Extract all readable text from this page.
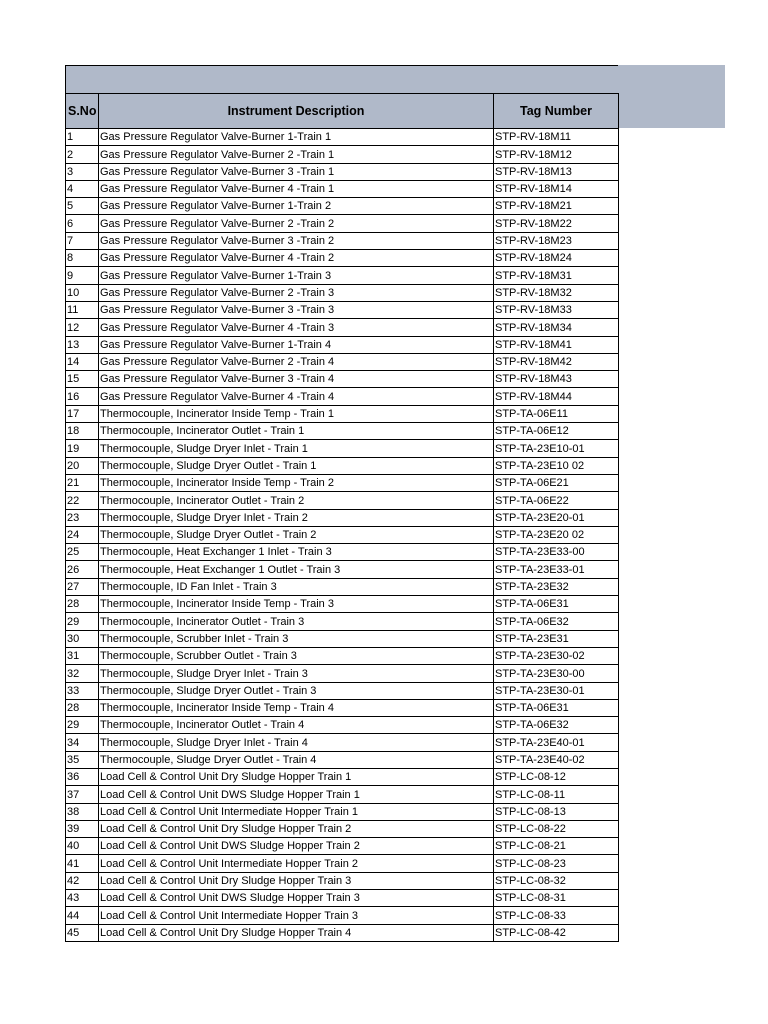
S.No	Instrument Description	Tag Number
1	Gas Pressure Regulator Valve-Burner 1-Train 1	STP-RV-18M11
2	Gas Pressure Regulator Valve-Burner 2 -Train 1	STP-RV-18M12
3	Gas Pressure Regulator Valve-Burner 3 -Train 1	STP-RV-18M13
4	Gas Pressure Regulator Valve-Burner 4 -Train 1	STP-RV-18M14
5	Gas Pressure Regulator Valve-Burner 1-Train 2	STP-RV-18M21
6	Gas Pressure Regulator Valve-Burner 2 -Train 2	STP-RV-18M22
7	Gas Pressure Regulator Valve-Burner 3 -Train 2	STP-RV-18M23
8	Gas Pressure Regulator Valve-Burner 4 -Train 2	STP-RV-18M24
9	Gas Pressure Regulator Valve-Burner 1-Train 3	STP-RV-18M31
10	Gas Pressure Regulator Valve-Burner 2 -Train 3	STP-RV-18M32
11	Gas Pressure Regulator Valve-Burner 3 -Train 3	STP-RV-18M33
12	Gas Pressure Regulator Valve-Burner 4 -Train 3	STP-RV-18M34
13	Gas Pressure Regulator Valve-Burner 1-Train 4	STP-RV-18M41
14	Gas Pressure Regulator Valve-Burner 2 -Train 4	STP-RV-18M42
15	Gas Pressure Regulator Valve-Burner 3 -Train 4	STP-RV-18M43
16	Gas Pressure Regulator Valve-Burner 4 -Train 4	STP-RV-18M44
17	Thermocouple, Incinerator Inside Temp - Train 1	STP-TA-06E11
18	Thermocouple, Incinerator Outlet - Train 1	STP-TA-06E12
19	Thermocouple, Sludge Dryer Inlet - Train 1	STP-TA-23E10-01
20	Thermocouple, Sludge Dryer Outlet - Train 1	STP-TA-23E10 02
21	Thermocouple, Incinerator Inside Temp - Train 2	STP-TA-06E21
22	Thermocouple, Incinerator Outlet - Train 2	STP-TA-06E22
23	Thermocouple, Sludge Dryer Inlet - Train 2	STP-TA-23E20-01
24	Thermocouple, Sludge Dryer Outlet - Train 2	STP-TA-23E20 02
25	Thermocouple, Heat Exchanger 1 Inlet - Train 3	STP-TA-23E33-00
26	Thermocouple, Heat Exchanger 1 Outlet - Train 3	STP-TA-23E33-01
27	Thermocouple, ID Fan Inlet - Train 3	STP-TA-23E32
28	Thermocouple, Incinerator Inside Temp - Train 3	STP-TA-06E31
29	Thermocouple, Incinerator Outlet - Train 3	STP-TA-06E32
30	Thermocouple, Scrubber Inlet - Train 3	STP-TA-23E31
31	Thermocouple, Scrubber Outlet - Train 3	STP-TA-23E30-02
32	Thermocouple, Sludge Dryer Inlet - Train 3	STP-TA-23E30-00
33	Thermocouple, Sludge Dryer Outlet - Train 3	STP-TA-23E30-01
28	Thermocouple, Incinerator Inside Temp - Train 4	STP-TA-06E31
29	Thermocouple, Incinerator Outlet - Train 4	STP-TA-06E32
34	Thermocouple, Sludge Dryer Inlet - Train 4	STP-TA-23E40-01
35	Thermocouple, Sludge Dryer Outlet - Train 4	STP-TA-23E40-02
36	Load Cell & Control Unit Dry Sludge Hopper Train 1	STP-LC-08-12
37	Load Cell & Control Unit DWS Sludge Hopper Train 1	STP-LC-08-11
38	Load Cell & Control Unit Intermediate Hopper Train 1	STP-LC-08-13
39	Load Cell & Control Unit Dry Sludge Hopper Train 2	STP-LC-08-22
40	Load Cell & Control Unit DWS Sludge Hopper Train 2	STP-LC-08-21
41	Load Cell & Control Unit Intermediate Hopper Train 2	STP-LC-08-23
42	Load Cell & Control Unit Dry Sludge Hopper Train 3	STP-LC-08-32
43	Load Cell & Control Unit DWS Sludge Hopper Train 3	STP-LC-08-31
44	Load Cell & Control Unit Intermediate Hopper Train 3	STP-LC-08-33
45	Load Cell & Control Unit Dry Sludge Hopper Train 4	STP-LC-08-42
